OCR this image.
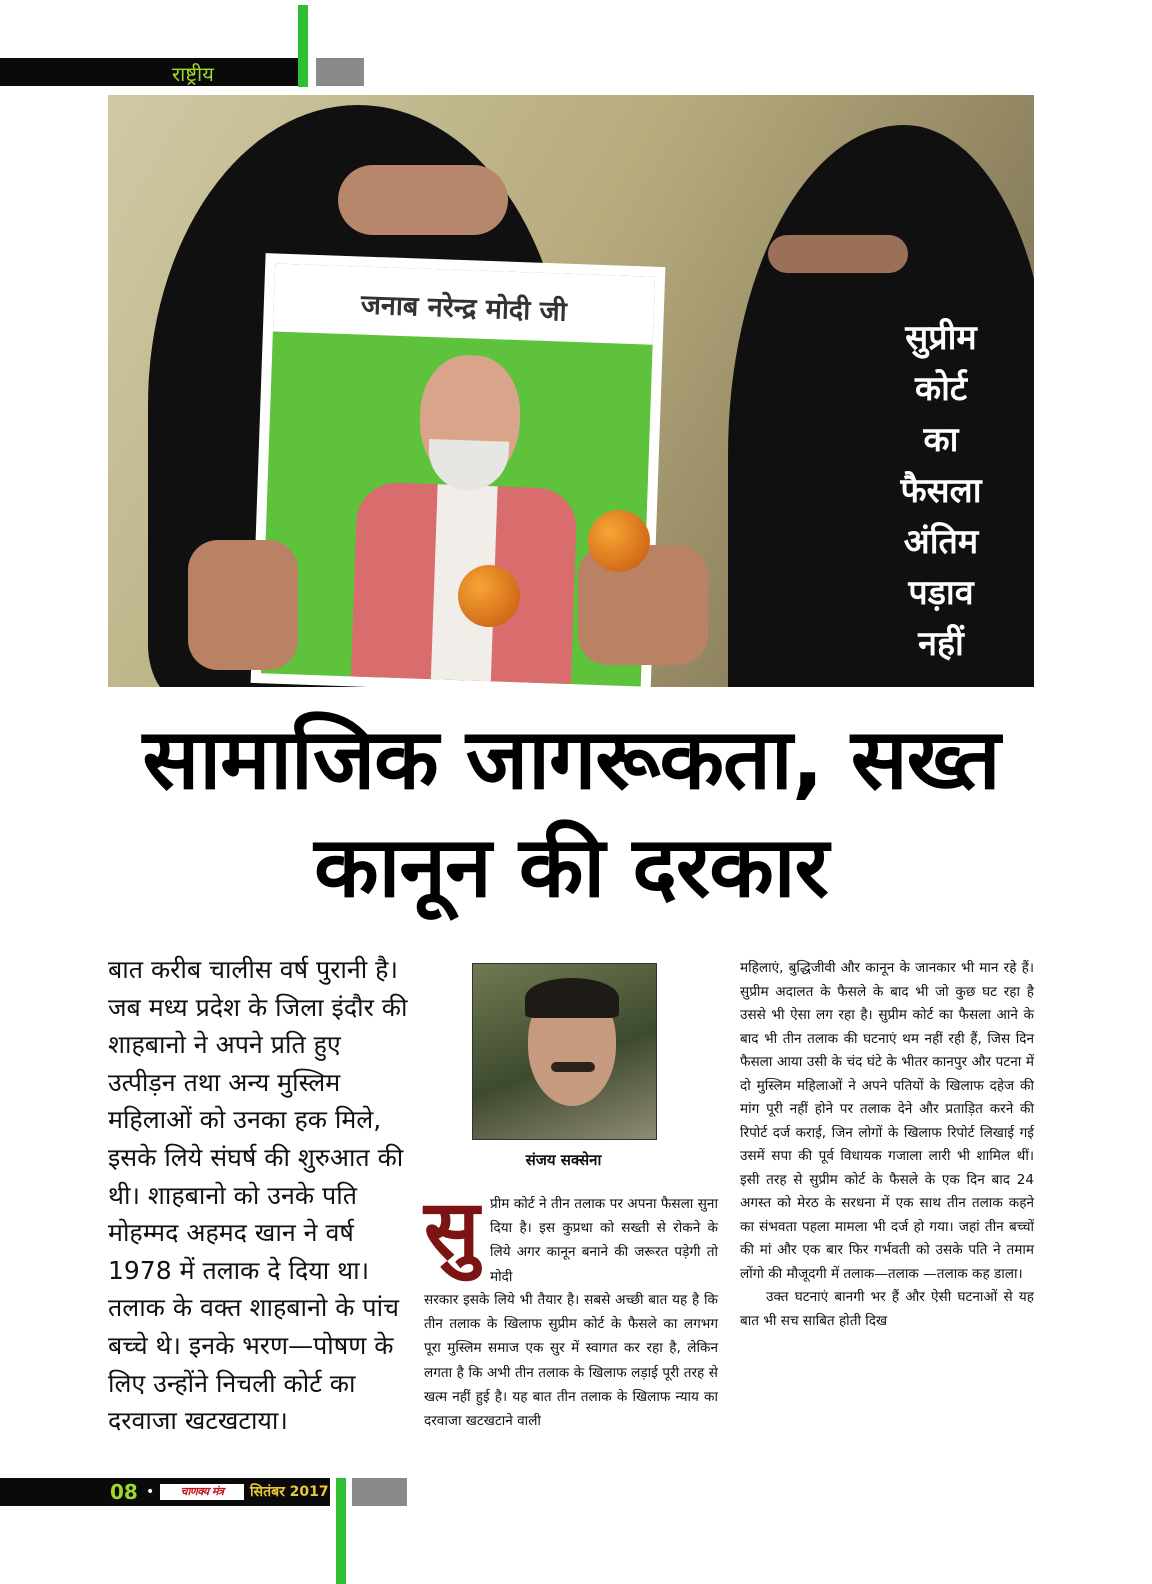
राष्ट्रीय
जनाब नरेन्द्र मोदी जी
सुप्रीम
कोर्ट
का
फैसला
अंतिम
पड़ाव
नहीं
सामाजिक जागरूकता, सख्त
कानून की दरकार
बात करीब चालीस वर्ष पुरानी है। जब मध्य प्रदेश के जिला इंदौर की शाहबानो ने अपने प्रति हुए उत्पीड़न तथा अन्य मुस्लिम महिलाओं को उनका हक मिले, इसके लिये संघर्ष की शुरुआत की थी। शाहबानो को उनके पति मोहम्मद अहमद खान ने वर्ष 1978 में तलाक दे दिया था। तलाक के वक्त शाहबानो के पांच बच्चे थे। इनके भरण—पोषण के लिए उन्होंने निचली कोर्ट का दरवाजा खटखटाया।
संजय सक्सेना
सु प्रीम कोर्ट ने तीन तलाक पर अपना फैसला सुना दिया है। इस कुप्रथा को सख्ती से रोकने के लिये अगर कानून बनाने की जरूरत पड़ेगी तो मोदी
सरकार इसके लिये भी तैयार है। सबसे अच्छी बात यह है कि तीन तलाक के खिलाफ सुप्रीम कोर्ट के फैसले का लगभग पूरा मुस्लिम समाज एक सुर में स्वागत कर रहा है, लेकिन लगता है कि अभी तीन तलाक के खिलाफ लड़ाई पूरी तरह से खत्म नहीं हुई है। यह बात तीन तलाक के खिलाफ न्याय का दरवाजा खटखटाने वाली

महिलाएं, बुद्धिजीवी और कानून के जानकार भी मान रहे हैं। सुप्रीम अदालत के फैसले के बाद भी जो कुछ घट रहा है उससे भी ऐसा लग रहा है। सुप्रीम कोर्ट का फैसला आने के बाद भी तीन तलाक की घटनाएं थम नहीं रही हैं, जिस दिन फैसला आया उसी के चंद घंटे के भीतर कानपुर और पटना में दो मुस्लिम महिलाओं ने अपने पतियों के खिलाफ दहेज की मांग पूरी नहीं होने पर तलाक देने और प्रताड़ित करने की रिपोर्ट दर्ज कराई, जिन लोगों के खिलाफ रिपोर्ट लिखाई गई उसमें सपा की पूर्व विधायक गजाला लारी भी शामिल थीं। इसी तरह से सुप्रीम कोर्ट के फैसले के एक दिन बाद 24 अगस्त को मेरठ के सरधना में एक साथ तीन तलाक कहने का संभवता पहला मामला भी दर्ज हो गया। जहां तीन बच्चों की मां और एक बार फिर गर्भवती को उसके पति ने तमाम लोंगो की मौजूदगी में तलाक—तलाक —तलाक कह डाला।

उक्त घटनाएं बानगी भर हैं और ऐसी घटनाओं से यह बात भी सच साबित होती दिख

08 •	चाणक्य मंत्र	सितंबर 2017
